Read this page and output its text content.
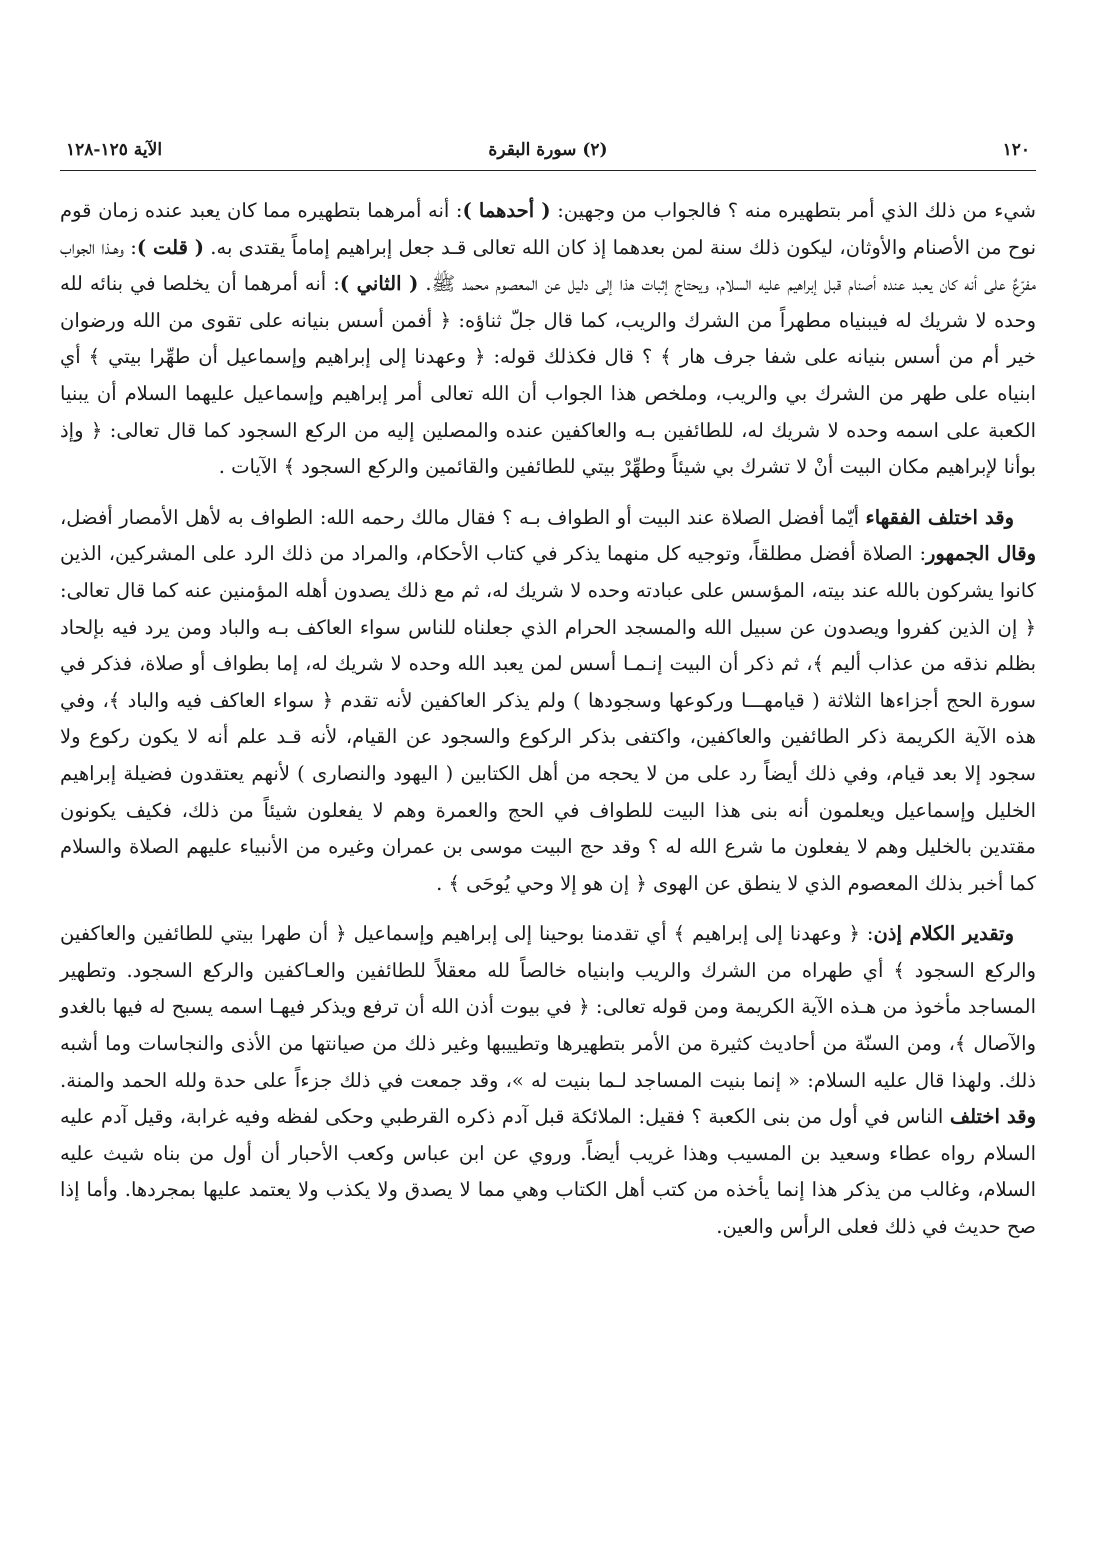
١٢٠
(٢) سورة البقرة
الآية ١٢٥-١٢٨

شيء من ذلك الذي أمر بتطهيره منه ؟ فالجواب من وجهين: ( أحدهما ): أنه أمرهما بتطهيره مما كان يعبد عنده زمان قوم نوح من الأصنام والأوثان، ليكون ذلك سنة لمن بعدهما إذ كان الله تعالى قـد جعل إبراهيم إماماً يقتدى به. ( قلت ): وهـذا الجواب مفرّعٌ على أنه كان يعبد عنده أصنام قبل إبراهيم عليه السلام، ويحتاج إثبات هذا إلى دليل عن المعصوم محمد ﷺ. ( الثاني ): أنه أمرهما أن يخلصا في بنائه لله وحده لا شريك له فيبنياه مطهراً من الشرك والريب، كما قال جلّ ثناؤه: ﴿ أفمن أسس بنيانه على تقوى من الله ورضوان خير أم من أسس بنيانه على شفا جرف هار ﴾ ؟ قال فكذلك قوله: ﴿ وعهدنا إلى إبراهيم وإسماعيل أن طهِّرا بيتي ﴾ أي ابنياه على طهر من الشرك بي والريب، وملخص هذا الجواب أن الله تعالى أمر إبراهيم وإسماعيل عليهما السلام أن يبنيا الكعبة على اسمه وحده لا شريك له، للطائفين بـه والعاكفين عنده والمصلين إليه من الركع السجود كما قال تعالى: ﴿ وإذ بوأنا لإبراهيم مكان البيت أنْ لا تشرك بي شيئاً وطهِّرْ بيتي للطائفين والقائمين والركع السجود ﴾ الآيات .

وقد اختلف الفقهاء أيّما أفضل الصلاة عند البيت أو الطواف بـه ؟ فقال مالك رحمه الله: الطواف به لأهل الأمصار أفضل، وقال الجمهور: الصلاة أفضل مطلقاً، وتوجيه كل منهما يذكر في كتاب الأحكام، والمراد من ذلك الرد على المشركين، الذين كانوا يشركون بالله عند بيته، المؤسس على عبادته وحده لا شريك له، ثم مع ذلك يصدون أهله المؤمنين عنه كما قال تعالى: ﴿ إن الذين كفروا ويصدون عن سبيل الله والمسجد الحرام الذي جعلناه للناس سواء العاكف بـه والباد ومن يرد فيه بإلحاد بظلم نذقه من عذاب أليم ﴾، ثم ذكر أن البيت إنـمـا أسس لمن يعبد الله وحده لا شريك له، إما بطواف أو صلاة، فذكر في سورة الحج أجزاءها الثلاثة ( قيامهـــا وركوعها وسجودها ) ولم يذكر العاكفين لأنه تقدم ﴿ سواء العاكف فيه والباد ﴾، وفي هذه الآية الكريمة ذكر الطائفين والعاكفين، واكتفى بذكر الركوع والسجود عن القيام، لأنه قـد علم أنه لا يكون ركوع ولا سجود إلا بعد قيام، وفي ذلك أيضاً رد على من لا يحجه من أهل الكتابين ( اليهود والنصارى ) لأنهم يعتقدون فضيلة إبراهيم الخليل وإسماعيل ويعلمون أنه بنى هذا البيت للطواف في الحج والعمرة وهم لا يفعلون شيئاً من ذلك، فكيف يكونون مقتدين بالخليل وهم لا يفعلون ما شرع الله له ؟ وقد حج البيت موسى بن عمران وغيره من الأنبياء عليهم الصلاة والسلام كما أخبر بذلك المعصوم الذي لا ينطق عن الهوى ﴿ إن هو إلا وحي يُوحَى ﴾ .

وتقدير الكلام إذن: ﴿ وعهدنا إلى إبراهيم ﴾ أي تقدمنا بوحينا إلى إبراهيم وإسماعيل ﴿ أن طهرا بيتي للطائفين والعاكفين والركع السجود ﴾ أي طهراه من الشرك والريب وابنياه خالصاً لله معقلاً للطائفين والعـاكفين والركع السجود. وتطهير المساجد مأخوذ من هـذه الآية الكريمة ومن قوله تعالى: ﴿ في بيوت أذن الله أن ترفع ويذكر فيهـا اسمه يسبح له فيها بالغدو والآصال ﴾، ومن السنّة من أحاديث كثيرة من الأمر بتطهيرها وتطييبها وغير ذلك من صيانتها من الأذى والنجاسات وما أشبه ذلك. ولهذا قال عليه السلام: « إنما بنيت المساجد لـما بنيت له »، وقد جمعت في ذلك جزءاً على حدة ولله الحمد والمنة. وقد اختلف الناس في أول من بنى الكعبة ؟ فقيل: الملائكة قبل آدم ذكره القرطبي وحكى لفظه وفيه غرابة، وقيل آدم عليه السلام رواه عطاء وسعيد بن المسيب وهذا غريب أيضاً. وروي عن ابن عباس وكعب الأحبار أن أول من بناه شيث عليه السلام، وغالب من يذكر هذا إنما يأخذه من كتب أهل الكتاب وهي مما لا يصدق ولا يكذب ولا يعتمد عليها بمجردها. وأما إذا صح حديث في ذلك فعلى الرأس والعين.
